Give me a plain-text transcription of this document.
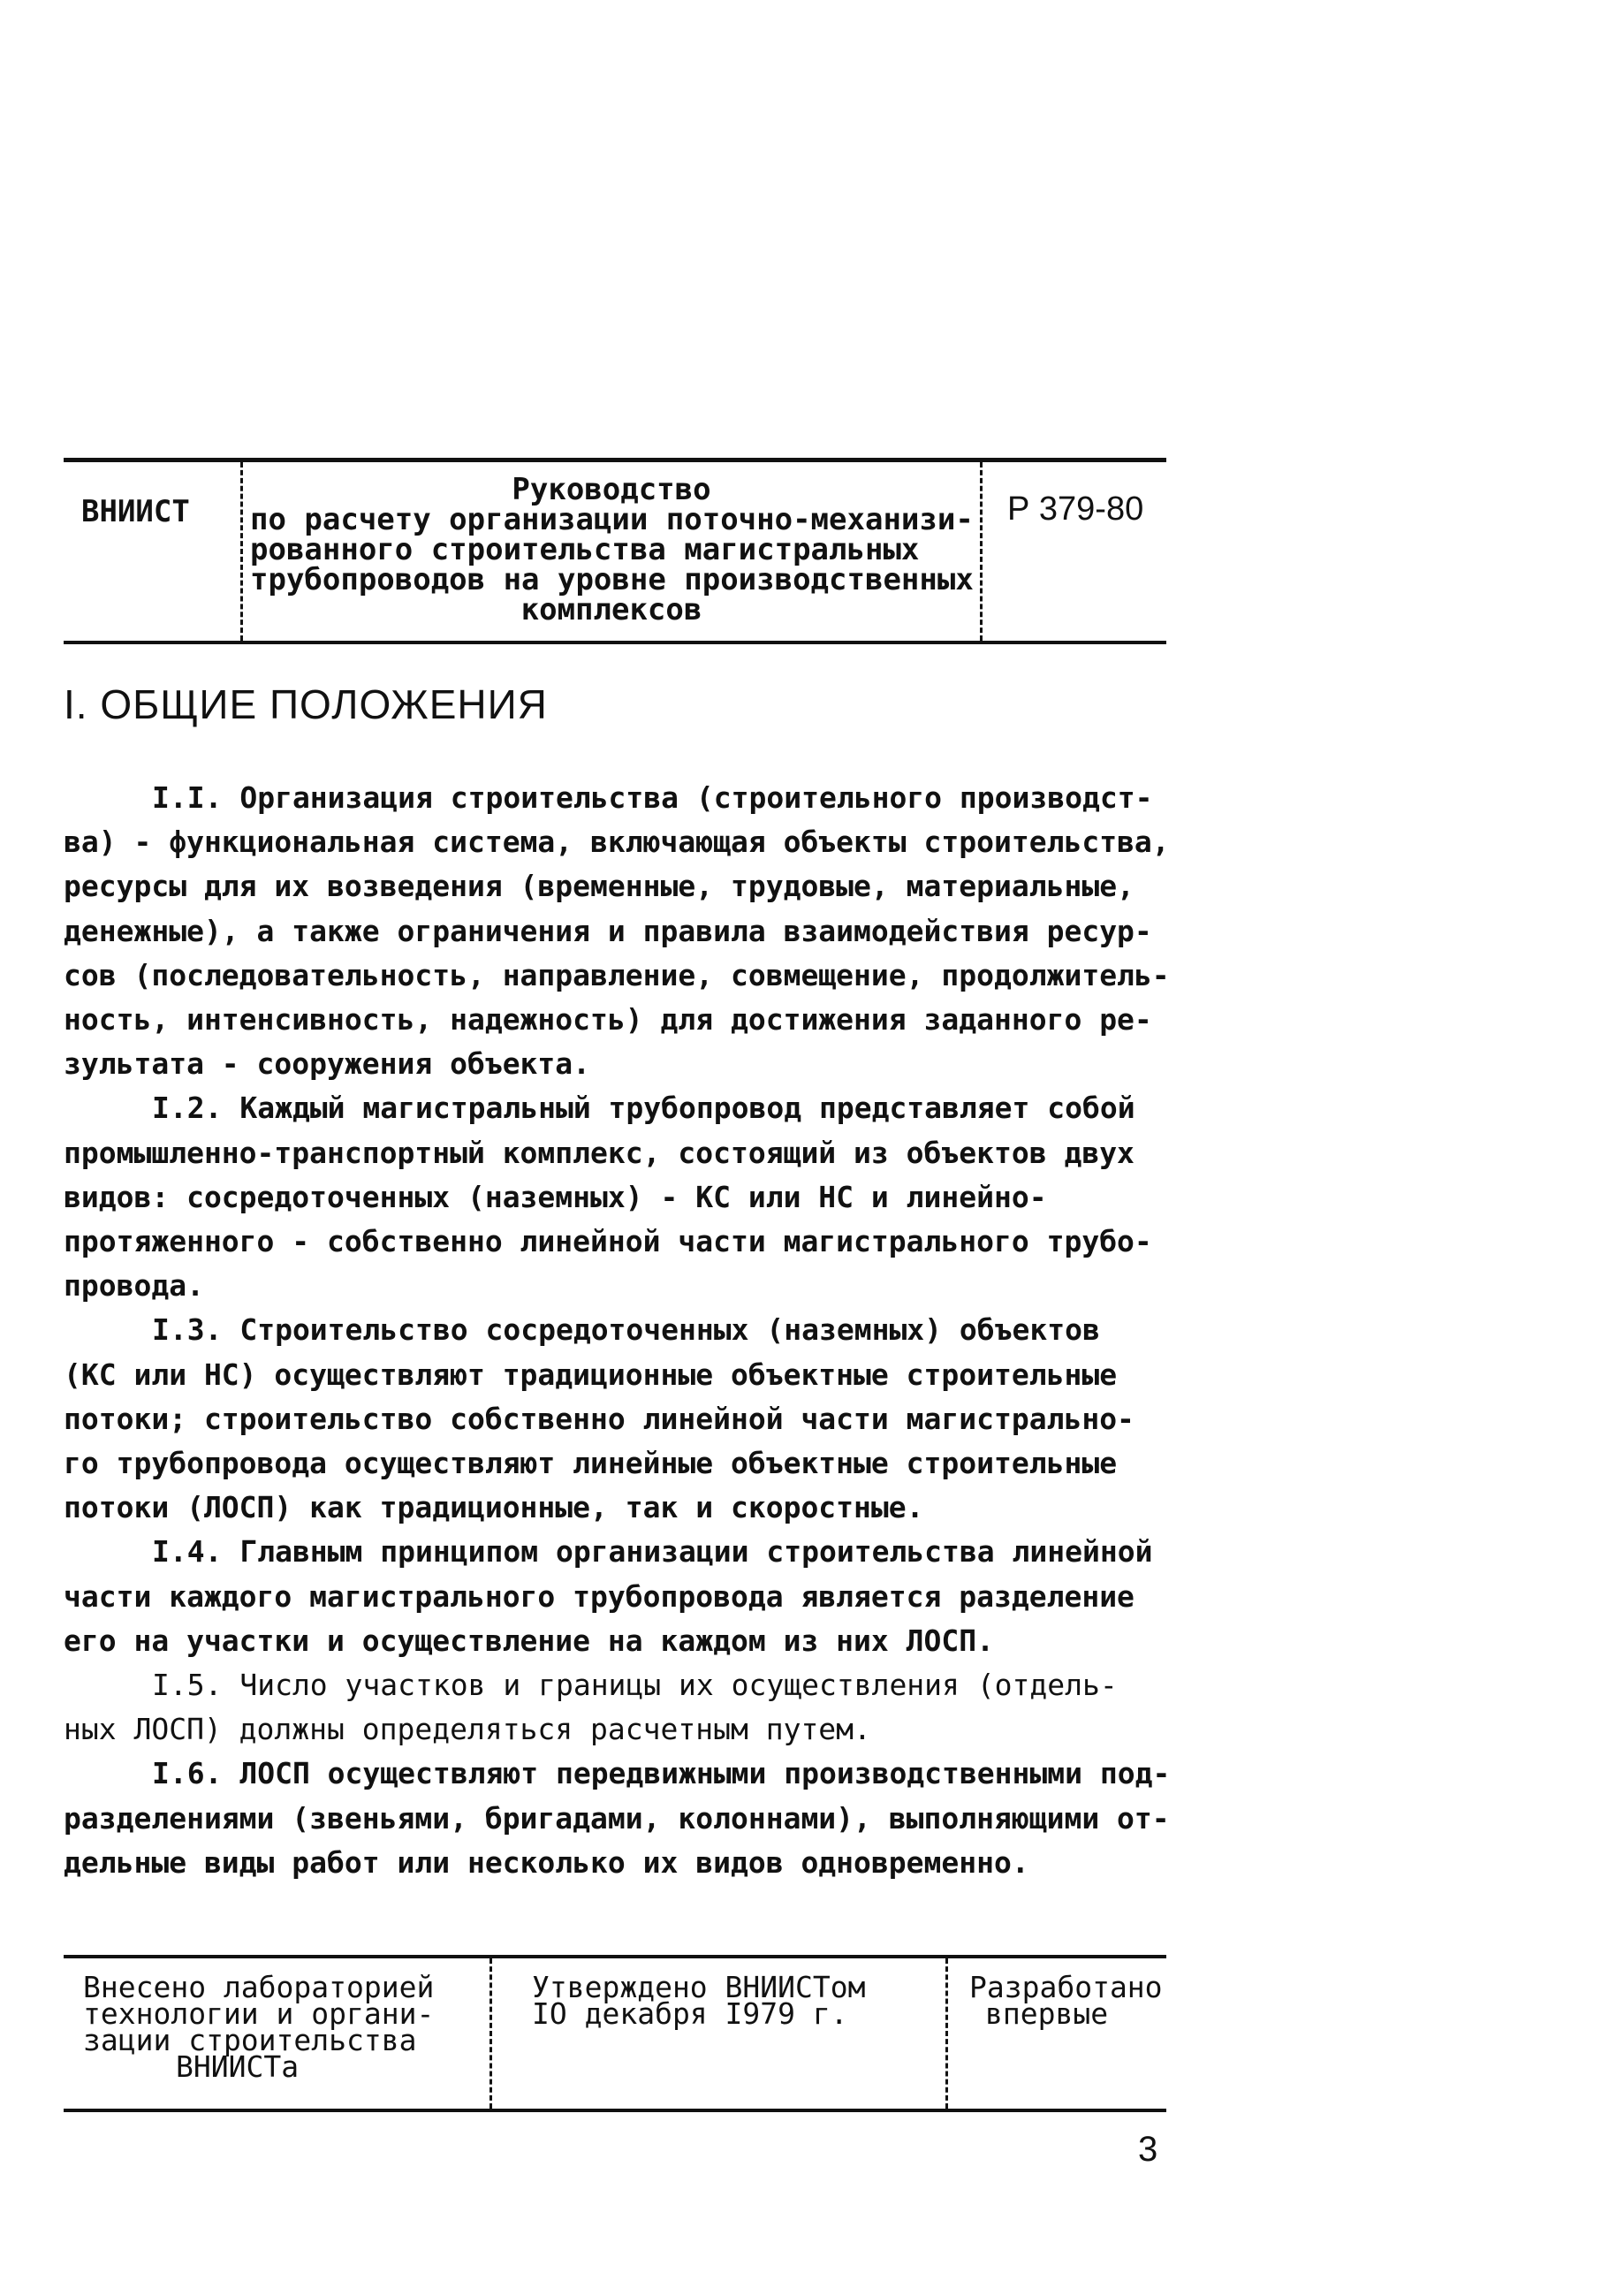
ВНИИСТ
Руководство
по расчету организации поточно-механизи-
рованного строительства магистральных
трубопроводов на уровне производственных
комплексов
Р 379-80
I. ОБЩИЕ ПОЛОЖЕНИЯ
I.I. Организация строительства (строительного производст-
ва) - функциональная система, включающая объекты строительства,
ресурсы для их возведения (временные, трудовые, материальные,
денежные), а также ограничения и правила взаимодействия ресур-
сов (последовательность, направление, совмещение, продолжитель-
ность, интенсивность, надежность) для достижения заданного ре-
зультата - сооружения объекта.
I.2. Каждый магистральный трубопровод представляет собой
промышленно-транспортный комплекс, состоящий из объектов двух
видов: сосредоточенных (наземных) - КС или НС и линейно-
протяженного - собственно линейной части магистрального трубо-
провода.
I.3. Строительство сосредоточенных (наземных) объектов
(КС или НС) осуществляют традиционные объектные строительные
потоки; строительство собственно линейной части магистрально-
го трубопровода осуществляют линейные объектные строительные
потоки (ЛОСП) как традиционные, так и скоростные.
I.4. Главным принципом организации строительства линейной
части каждого магистрального трубопровода является разделение
его на участки и осуществление на каждом из них ЛОСП.
I.5. Число участков и границы их осуществления (отдель-
ных ЛОСП) должны определяться расчетным путем.
I.6. ЛОСП осуществляют передвижными производственными под-
разделениями (звеньями, бригадами, колоннами), выполняющими от-
дельные виды работ или несколько их видов одновременно.
Внесено лабораторией
технологии и органи-
зации строительства
ВНИИСТа
Утверждено ВНИИСТом
IO декабря I979 г.
Разработано
впервые
3
